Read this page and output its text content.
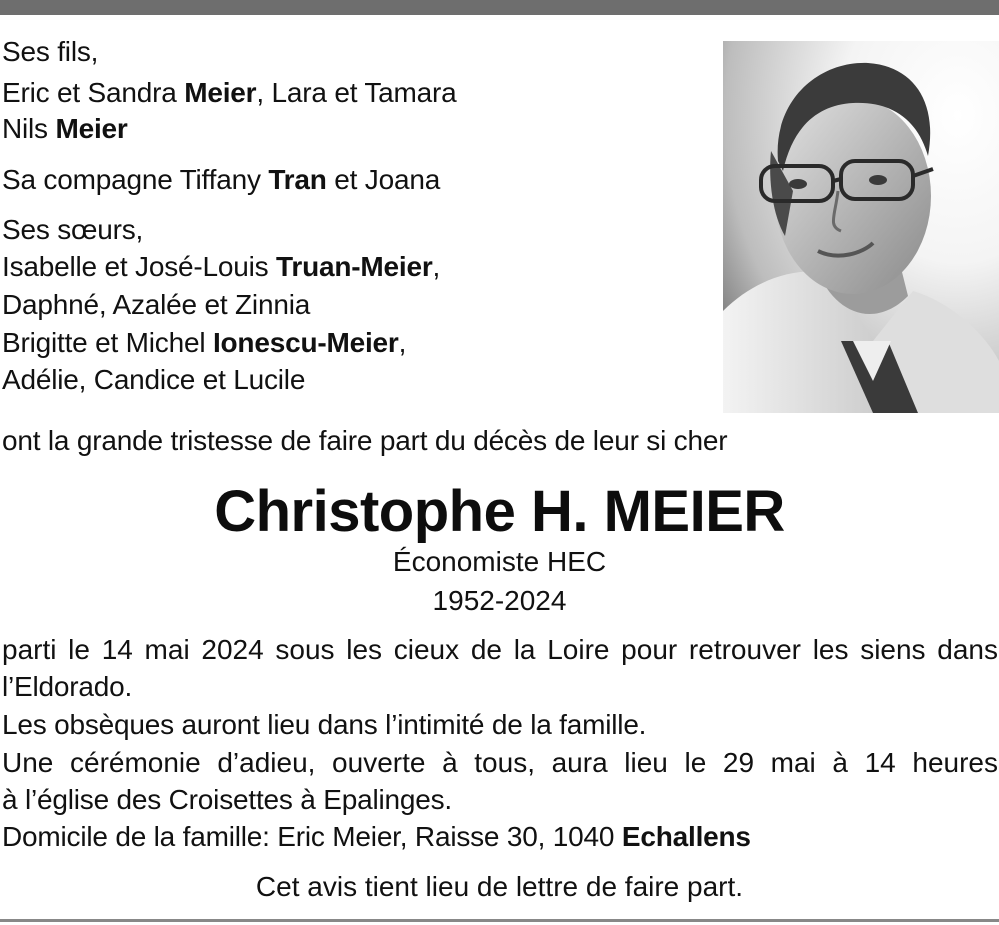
Ses fils,
Eric et Sandra Meier, Lara et Tamara
Nils Meier
Sa compagne Tiffany Tran et Joana
Ses sœurs,
Isabelle et José-Louis Truan-Meier,
Daphné, Azalée et Zinnia
Brigitte et Michel Ionescu-Meier,
Adélie, Candice et Lucile
ont la grande tristesse de faire part du décès de leur si cher
Christophe H. MEIER
Économiste HEC
1952-2024
parti le 14 mai 2024 sous les cieux de la Loire pour retrouver les siens dans
l’Eldorado.
Les obsèques auront lieu dans l’intimité de la famille.
Une cérémonie d’adieu, ouverte à tous, aura lieu le 29 mai à 14 heures
à l’église des Croisettes à Epalinges.
Domicile de la famille: Eric Meier, Raisse 30, 1040 Echallens
Cet avis tient lieu de lettre de faire part.
